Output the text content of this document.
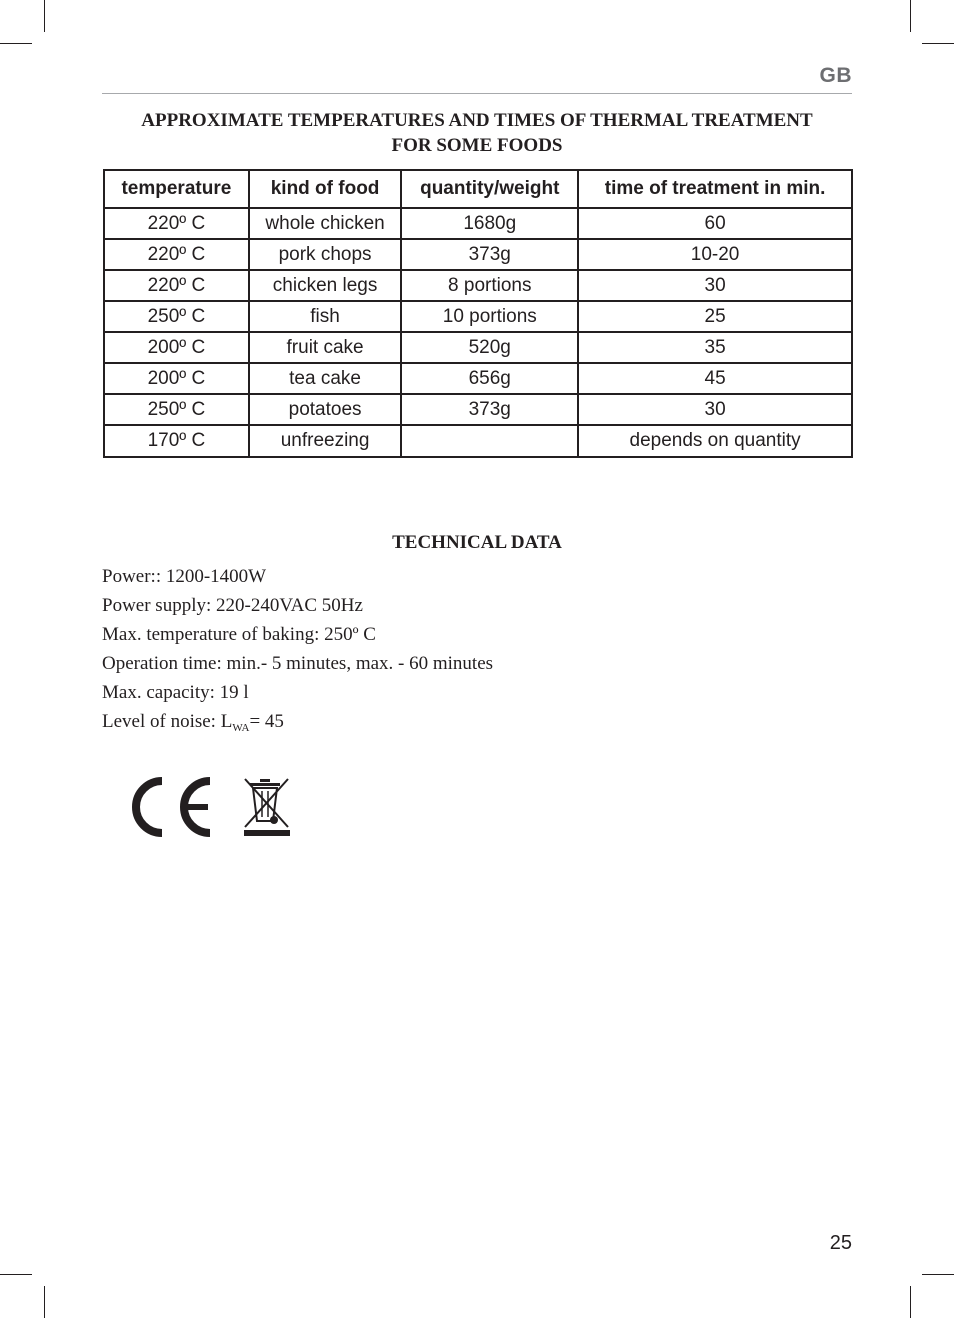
GB
APPROXIMATE TEMPERATURES AND TIMES OF THERMAL TREATMENT
FOR SOME FOODS
temperature	kind of food	quantity/weight	time of treatment in min.
220º C	whole chicken	1680g	60
220º C	pork chops	373g	10-20
220º C	chicken legs	8 portions	30
250º C	fish	10 portions	25
200º C	fruit cake	520g	35
200º C	tea cake	656g	45
250º C	potatoes	373g	30
170º C	unfreezing		depends on quantity
TECHNICAL DATA

Power:: 1200-1400W

Power supply: 220-240VAC 50Hz

Max. temperature of baking: 250º C

Operation time: min.- 5 minutes, max. - 60 minutes

Max. capacity: 19 l

Level of noise: $L_{WA}= 45$

25
